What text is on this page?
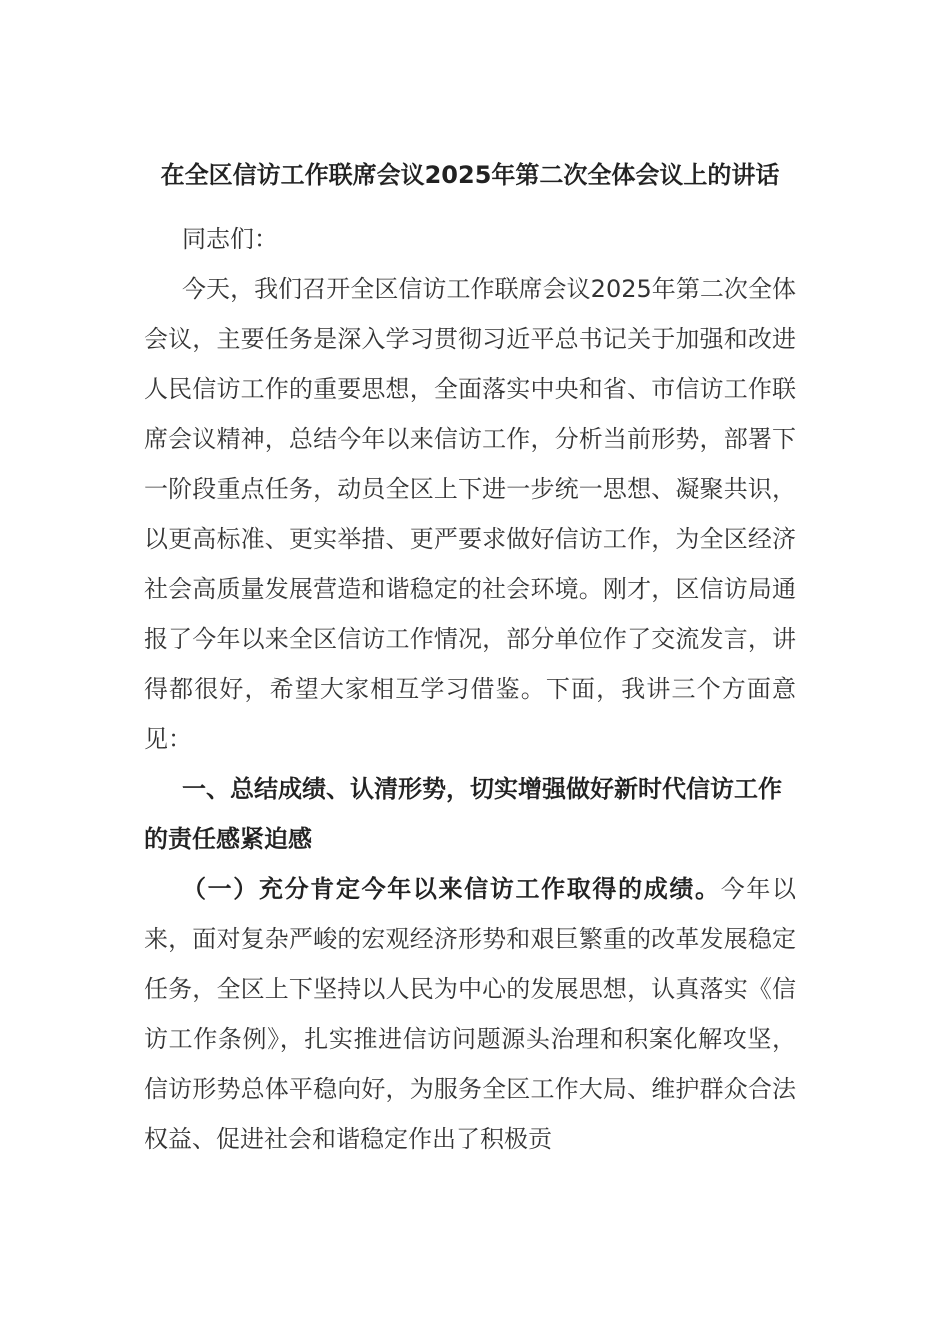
在全区信访工作联席会议2025年第二次全体会议上的讲话

同志们：

今天，我们召开全区信访工作联席会议2025年第二次全体会议，主要任务是深入学习贯彻习近平总书记关于加强和改进人民信访工作的重要思想，全面落实中央和省、市信访工作联席会议精神，总结今年以来信访工作，分析当前形势，部署下一阶段重点任务，动员全区上下进一步统一思想、凝聚共识，以更高标准、更实举措、更严要求做好信访工作，为全区经济社会高质量发展营造和谐稳定的社会环境。刚才，区信访局通报了今年以来全区信访工作情况，部分单位作了交流发言，讲得都很好，希望大家相互学习借鉴。下面，我讲三个方面意见：

一、总结成绩、认清形势，切实增强做好新时代信访工作的责任感紧迫感

（一）充分肯定今年以来信访工作取得的成绩。今年以来，面对复杂严峻的宏观经济形势和艰巨繁重的改革发展稳定任务，全区上下坚持以人民为中心的发展思想，认真落实《信访工作条例》，扎实推进信访问题源头治理和积案化解攻坚，信访形势总体平稳向好，为服务全区工作大局、维护群众合法权益、促进社会和谐稳定作出了积极贡
